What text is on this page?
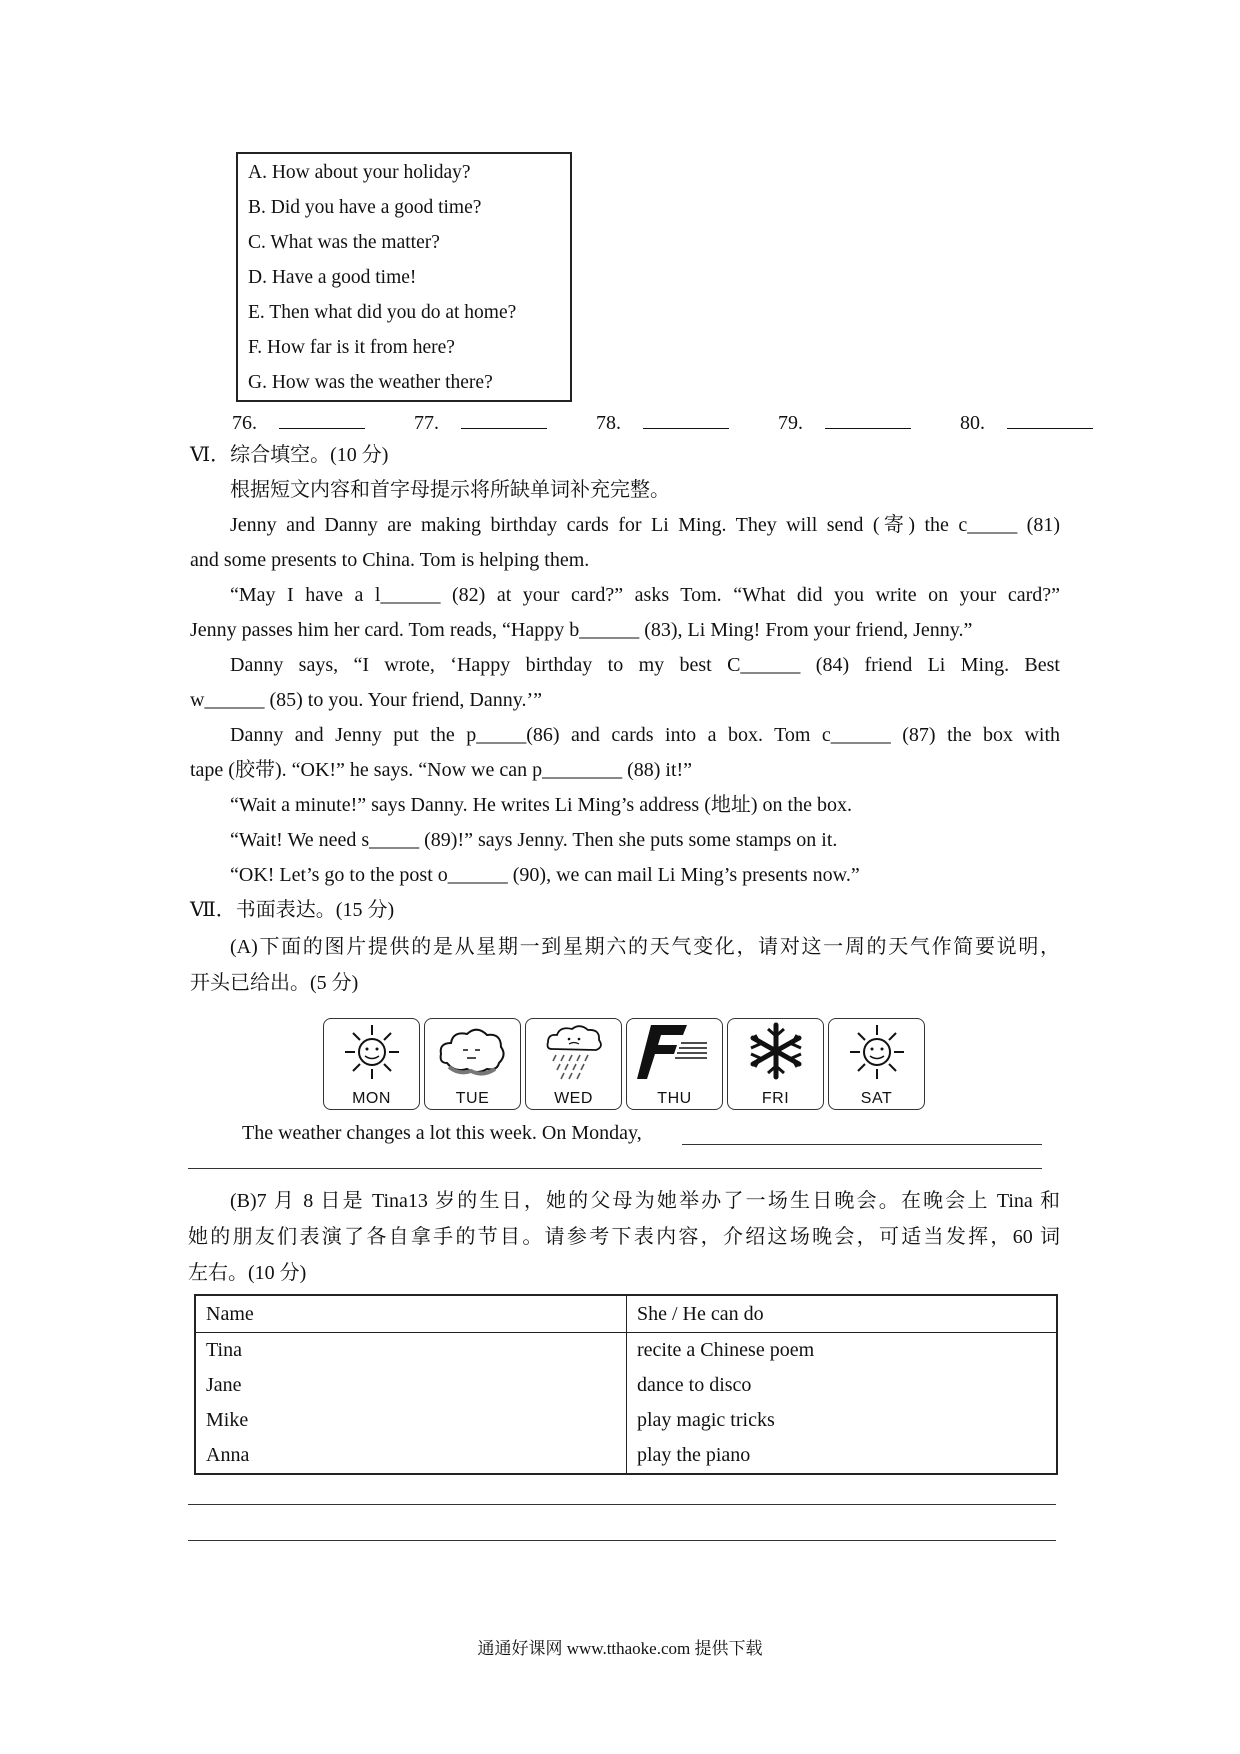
A. How about your holiday?
B. Did you have a good time?
C. What was the matter?
D. Have a good time!
E. Then what did you do at home?
F. How far is it from here?
G. How was the weather there?
76.	77.	78.	79.	80.
Ⅵ．综合填空。(10 分)
根据短文内容和首字母提示将所缺单词补充完整。
Jenny and Danny are making birthday cards for Li Ming. They will send (寄) the c_____ (81)
and some presents to China. Tom is helping them.
“May I have a l______ (82) at your card?” asks Tom. “What did you write on your card?”
Jenny passes him her card. Tom reads, “Happy b______ (83), Li Ming! From your friend, Jenny.”
Danny says, “I wrote, ‘Happy birthday to my best C______ (84) friend Li Ming. Best
w______ (85) to you. Your friend, Danny.’”
Danny and Jenny put the p_____(86) and cards into a box. Tom c______ (87) the box with
tape (胶带). “OK!” he says. “Now we can p________ (88) it!”
“Wait a minute!” says Danny. He writes Li Ming’s address (地址) on the box.
“Wait! We need s_____ (89)!” says Jenny. Then she puts some stamps on it.
“OK! Let’s go to the post o______ (90), we can mail Li Ming’s presents now.”
Ⅶ．书面表达。(15 分)
(A)下面的图片提供的是从星期一到星期六的天气变化，请对这一周的天气作简要说明，
开头已给出。(5 分)
MON	TUE	WED	THU	FRI	SAT
The weather changes a lot this week. On Monday,
(B)7 月 8 日是 Tina13 岁的生日，她的父母为她举办了一场生日晚会。在晚会上 Tina 和
她的朋友们表演了各自拿手的节目。请参考下表内容，介绍这场晚会，可适当发挥，60 词
左右。(10 分)
Name	She / He can do
Tina	recite a Chinese poem
Jane	dance to disco
Mike	play magic tricks
Anna	play the piano
通通好课网 www.tthaoke.com 提供下载
